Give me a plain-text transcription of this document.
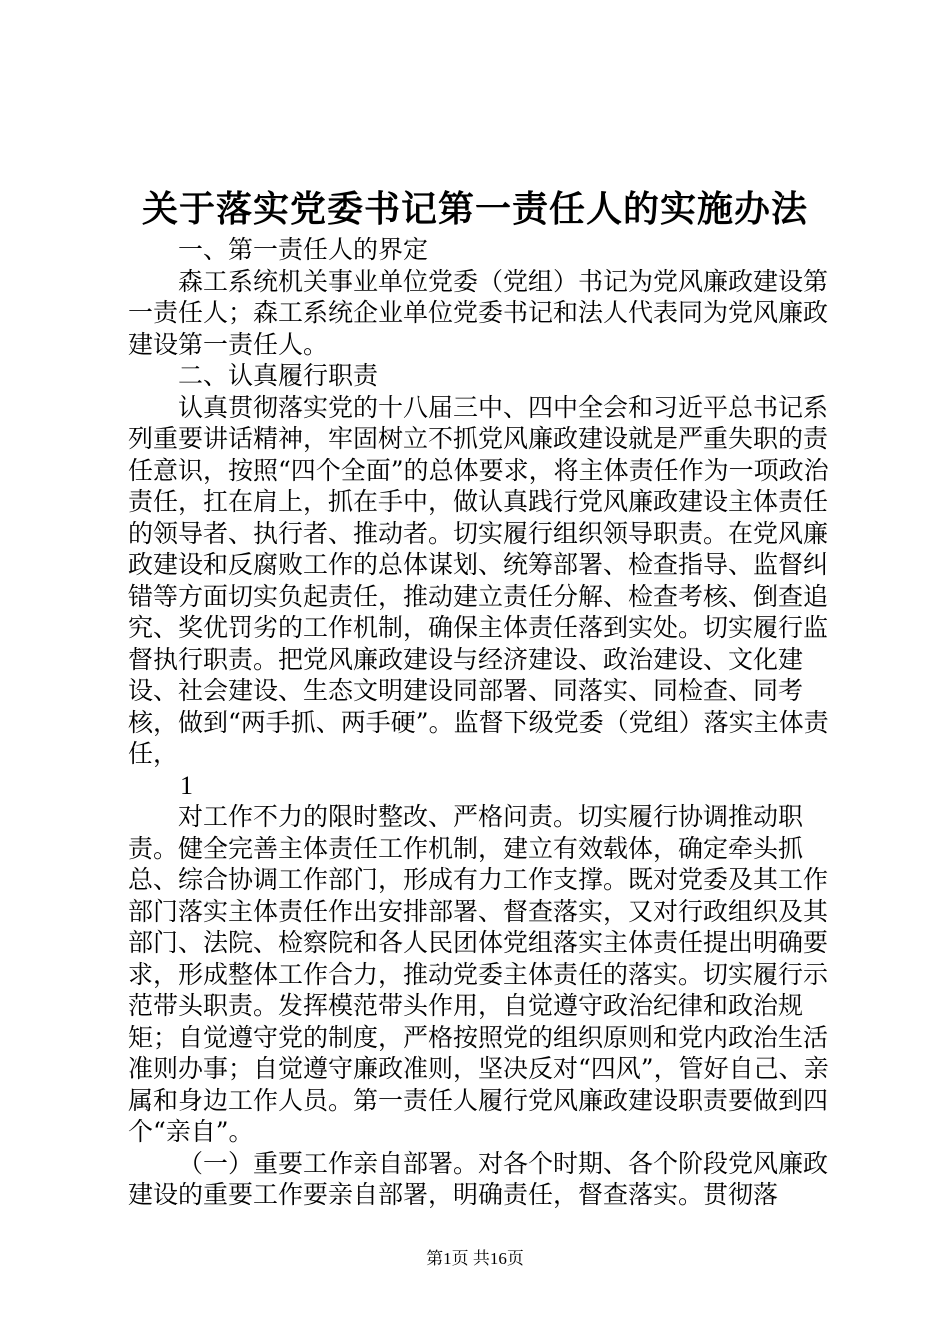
关于落实党委书记第一责任人的实施办法

一、第一责任人的界定

森工系统机关事业单位党委（党组）书记为党风廉政建设第一责任人；森工系统企业单位党委书记和法人代表同为党风廉政建设第一责任人。

二、认真履行职责

认真贯彻落实党的十八届三中、四中全会和习近平总书记系列重要讲话精神，牢固树立不抓党风廉政建设就是严重失职的责任意识，按照“四个全面”的总体要求，将主体责任作为一项政治责任，扛在肩上，抓在手中，做认真践行党风廉政建设主体责任的领导者、执行者、推动者。切实履行组织领导职责。在党风廉政建设和反腐败工作的总体谋划、统筹部署、检查指导、监督纠错等方面切实负起责任，推动建立责任分解、检查考核、倒查追究、奖优罚劣的工作机制，确保主体责任落到实处。切实履行监督执行职责。把党风廉政建设与经济建设、政治建设、文化建设、社会建设、生态文明建设同部署、同落实、同检查、同考核，做到“两手抓、两手硬”。监督下级党委（党组）落实主体责任，

1

对工作不力的限时整改、严格问责。切实履行协调推动职责。健全完善主体责任工作机制，建立有效载体，确定牵头抓总、综合协调工作部门，形成有力工作支撑。既对党委及其工作部门落实主体责任作出安排部署、督查落实，又对行政组织及其部门、法院、检察院和各人民团体党组落实主体责任提出明确要求，形成整体工作合力，推动党委主体责任的落实。切实履行示范带头职责。发挥模范带头作用，自觉遵守政治纪律和政治规矩；自觉遵守党的制度，严格按照党的组织原则和党内政治生活准则办事；自觉遵守廉政准则，坚决反对“四风”，管好自己、亲属和身边工作人员。第一责任人履行党风廉政建设职责要做到四个“亲自”。

（一）重要工作亲自部署。对各个时期、各个阶段党风廉政建设的重要工作要亲自部署，明确责任，督查落实。贯彻落

第1页 共16页
